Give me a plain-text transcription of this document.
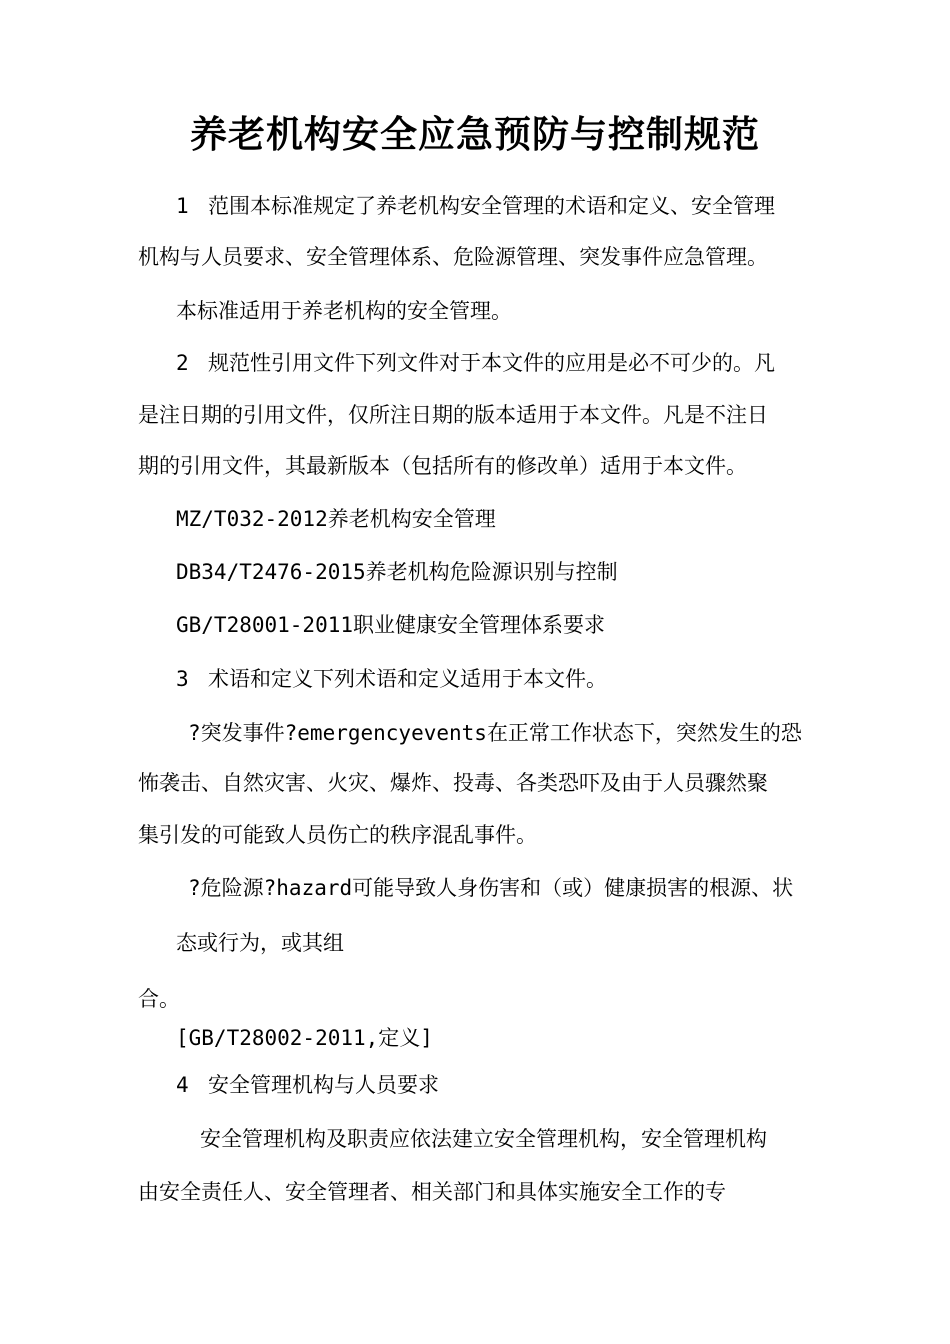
养老机构安全应急预防与控制规范
1 范围本标准规定了养老机构安全管理的术语和定义、安全管理
机构与人员要求、安全管理体系、危险源管理、突发事件应急管理。
本标准适用于养老机构的安全管理。
2 规范性引用文件下列文件对于本文件的应用是必不可少的。凡
是注日期的引用文件，仅所注日期的版本适用于本文件。凡是不注日
期的引用文件，其最新版本（包括所有的修改单）适用于本文件。
MZ/T032-2012养老机构安全管理
DB34/T2476-2015养老机构危险源识别与控制
GB/T28001-2011职业健康安全管理体系要求
3 术语和定义下列术语和定义适用于本文件。
?突发事件?emergencyevents在正常工作状态下，突然发生的恐
怖袭击、自然灾害、火灾、爆炸、投毒、各类恐吓及由于人员骤然聚
集引发的可能致人员伤亡的秩序混乱事件。
?危险源?hazard可能导致人身伤害和（或）健康损害的根源、状
态或行为，或其组
合。
[GB/T28002-2011,定义]
4 安全管理机构与人员要求
安全管理机构及职责应依法建立安全管理机构，安全管理机构
由安全责任人、安全管理者、相关部门和具体实施安全工作的专
